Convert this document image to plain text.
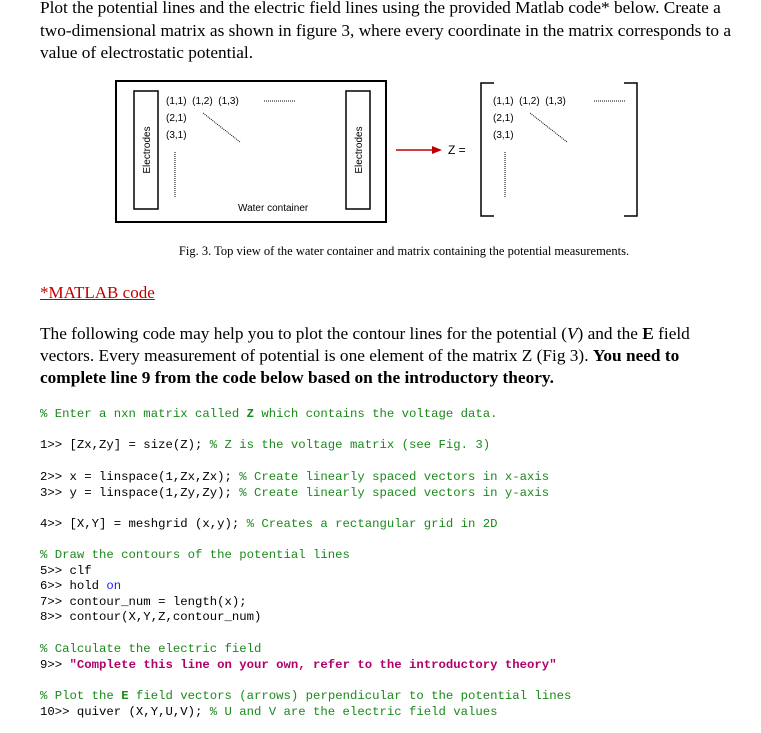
Plot the potential lines and the electric field lines using the provided Matlab code* below. Create a two-dimensional matrix as shown in figure 3, where every coordinate in the matrix corresponds to a value of electrostatic potential.
Electrodes	Electrodes
(1,1)  (1,2)  (1,3)
(2,1)
(3,1)
Water container
Z =
(1,1)  (1,2)  (1,3)
(2,1)
(3,1)
Fig. 3. Top view of the water container and matrix containing the potential measurements.
*MATLAB code
The following code may help you to plot the contour lines for the potential (V) and the E field vectors. Every measurement of potential is one element of the matrix Z (Fig 3). You need to complete line 9 from the code below based on the introductory theory.
% Enter a nxn matrix called Z which contains the voltage data.
1>> [Zx,Zy] = size(Z); % Z is the voltage matrix (see Fig. 3)
2>> x = linspace(1,Zx,Zx); % Create linearly spaced vectors in x-axis
3>> y = linspace(1,Zy,Zy); % Create linearly spaced vectors in y-axis
4>> [X,Y] = meshgrid (x,y); % Creates a rectangular grid in 2D
% Draw the contours of the potential lines
5>> clf
6>> hold on
7>> contour_num = length(x);
8>> contour(X,Y,Z,contour_num)
% Calculate the electric field
9>> "Complete this line on your own, refer to the introductory theory"
% Plot the E field vectors (arrows) perpendicular to the potential lines
10>> quiver (X,Y,U,V); % U and V are the electric field values
